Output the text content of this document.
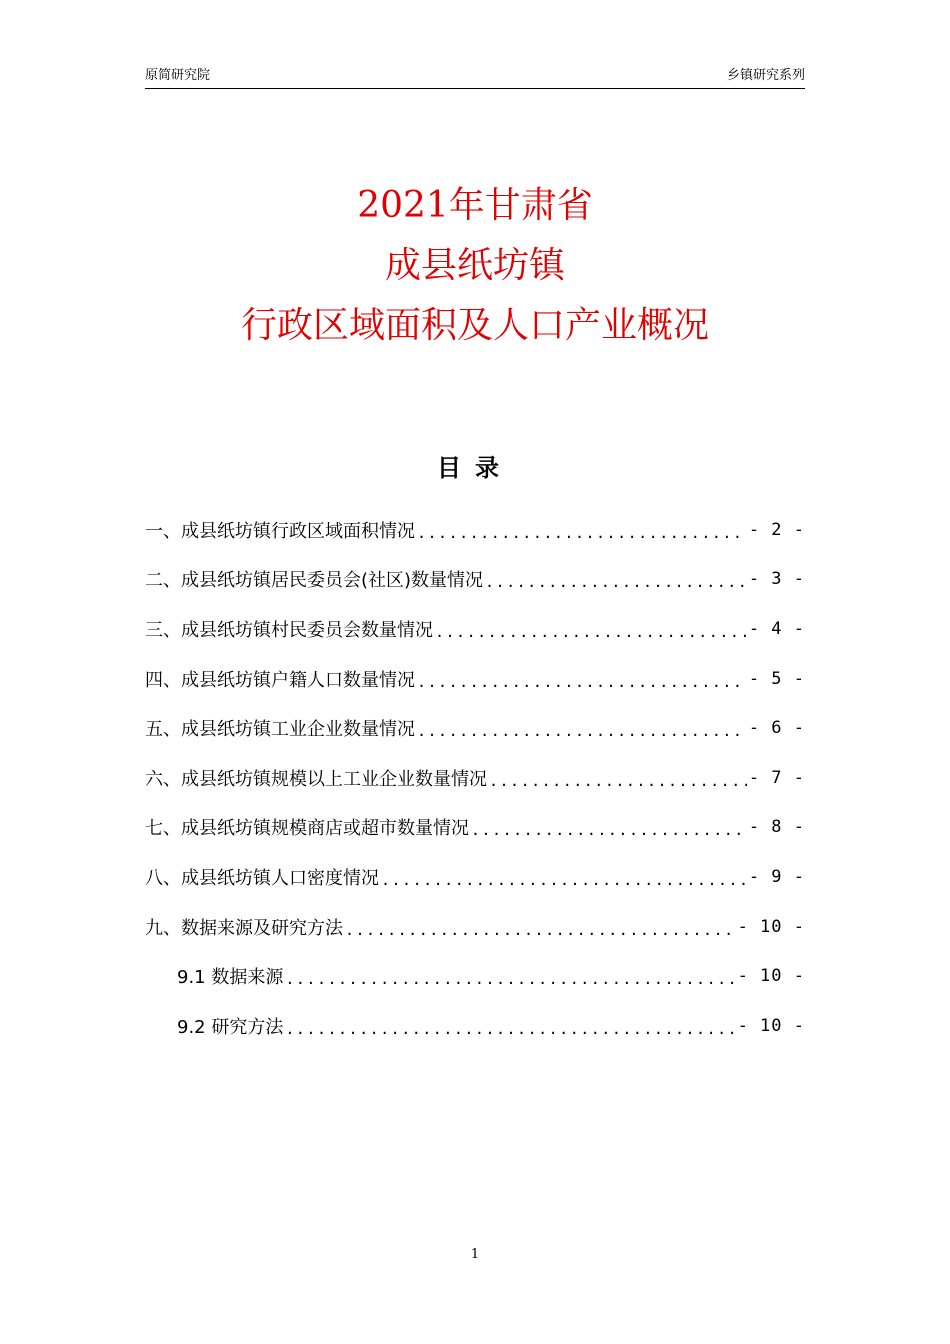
原简研究院	乡镇研究系列
2021年甘肃省
成县纸坊镇
行政区域面积及人口产业概况
目录
一、成县纸坊镇行政区域面积情况 .....	- 2 -
二、成县纸坊镇居民委员会(社区)数量情况 .....	- 3 -
三、成县纸坊镇村民委员会数量情况 .....	- 4 -
四、成县纸坊镇户籍人口数量情况 .....	- 5 -
五、成县纸坊镇工业企业数量情况 .....	- 6 -
六、成县纸坊镇规模以上工业企业数量情况 .....	- 7 -
七、成县纸坊镇规模商店或超市数量情况 .....	- 8 -
八、成县纸坊镇人口密度情况 .....	- 9 -
九、数据来源及研究方法 .....	- 10 -
9.1 数据来源 .....	- 10 -
9.2 研究方法 .....	- 10 -
1
